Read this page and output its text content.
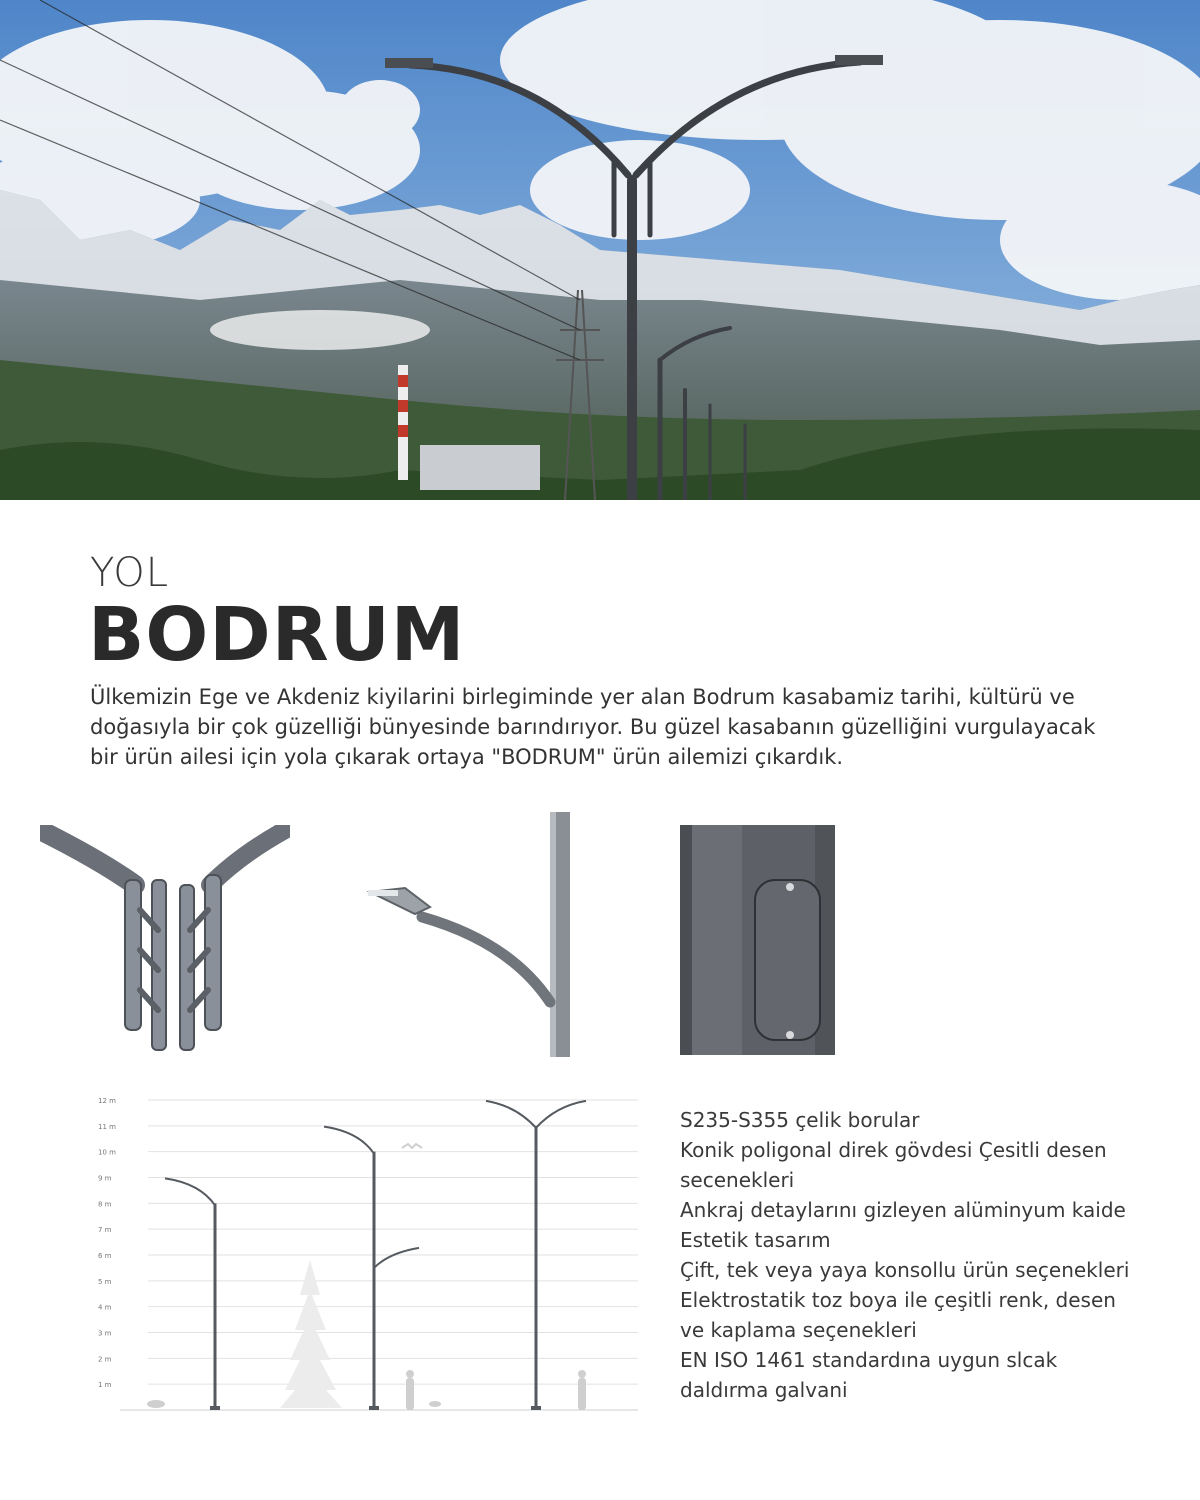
YOL
BODRUM

Ülkemizin Ege ve Akdeniz kiyilarini birlegiminde yer alan Bodrum kasabamiz tarihi, kültürü ve doğasıyla bir çok güzelliği bünyesinde barındırıyor. Bu güzel kasabanın güzelliğini vurgulayacak bir ürün ailesi için yola çıkarak ortaya "BODRUM" ürün ailemizi çıkardık.

12 m
11 m
10 m
9 m
8 m
7 m
6 m
5 m
4 m
3 m
2 m
1 m
S235-S355 çelik borular
Konik poligonal direk gövdesi Çesitli desen
secenekleri
Ankraj detaylarını gizleyen alüminyum kaide
Estetik tasarım
Çift, tek veya yaya konsollu ürün seçenekleri
Elektrostatik toz boya ile çeşitli renk, desen
ve kaplama seçenekleri
EN ISO 1461 standardına uygun slcak
daldırma galvani
